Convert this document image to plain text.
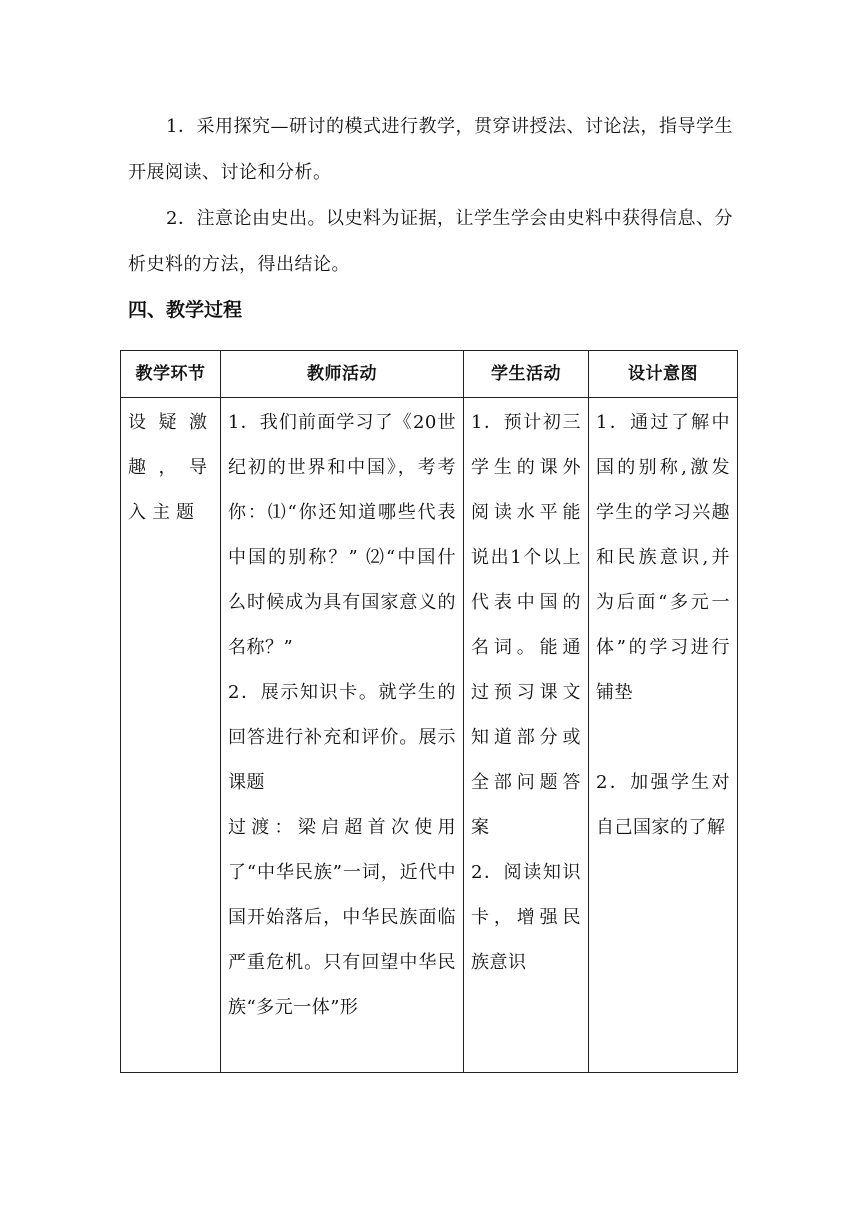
1．采用探究—研讨的模式进行教学，贯穿讲授法、讨论法，指导学生开展阅读、讨论和分析。

2．注意论由史出。以史料为证据，让学生学会由史料中获得信息、分析史料的方法，得出结论。

四、教学过程
教学环节	教师活动	学生活动	设计意图

设疑激趣，导入主题	1．我们前面学习了《20世纪初的世界和中国》，考考你：⑴“你还知道哪些代表中国的别称？” ⑵“中国什么时候成为具有国家意义的名称？”
2．展示知识卡。就学生的回答进行补充和评价。展示课题
过渡：梁启超首次使用了“中华民族”一词，近代中国开始落后，中华民族面临严重危机。只有回望中华民族“多元一体”形	1．预计初三学生的课外阅读水平能说出1个以上代表中国的名词。能通过预习课文知道部分或全部问题答案
2．阅读知识卡，增强民族意识	1．通过了解中国的别称,激发学生的学习兴趣和民族意识,并为后面“多元一体”的学习进行铺垫
2．加强学生对自己国家的了解
